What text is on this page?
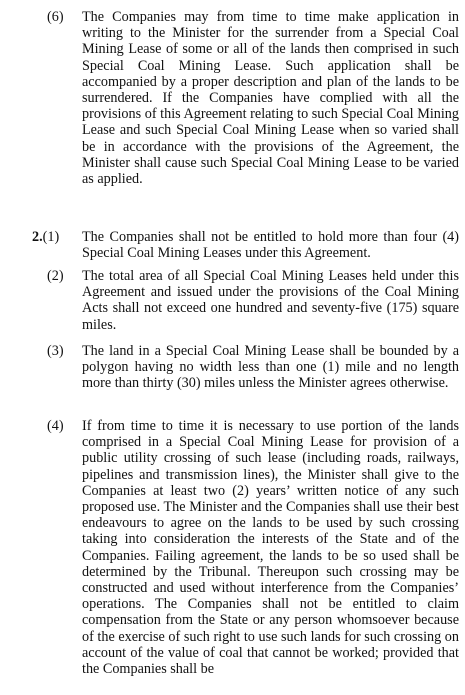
(6) The Companies may from time to time make application in writing to the Minister for the surrender from a Special Coal Mining Lease of some or all of the lands then comprised in such Special Coal Mining Lease. Such application shall be accompanied by a proper description and plan of the lands to be surrendered. If the Companies have complied with all the provisions of this Agreement relating to such Special Coal Mining Lease and such Special Coal Mining Lease when so varied shall be in accordance with the provisions of the Agreement, the Minister shall cause such Special Coal Mining Lease to be varied as applied.
2.(1) The Companies shall not be entitled to hold more than four (4) Special Coal Mining Leases under this Agreement.
(2) The total area of all Special Coal Mining Leases held under this Agreement and issued under the provisions of the Coal Mining Acts shall not exceed one hundred and seventy-five (175) square miles.
(3) The land in a Special Coal Mining Lease shall be bounded by a polygon having no width less than one (1) mile and no length more than thirty (30) miles unless the Minister agrees otherwise.
(4) If from time to time it is necessary to use portion of the lands comprised in a Special Coal Mining Lease for provision of a public utility crossing of such lease (including roads, railways, pipelines and transmission lines), the Minister shall give to the Companies at least two (2) years’ written notice of any such proposed use. The Minister and the Companies shall use their best endeavours to agree on the lands to be used by such crossing taking into consideration the interests of the State and of the Companies. Failing agreement, the lands to be so used shall be determined by the Tribunal. Thereupon such crossing may be constructed and used without interference from the Companies’ operations. The Companies shall not be entitled to claim compensation from the State or any person whomsoever because of the exercise of such right to use such lands for such crossing on account of the value of coal that cannot be worked; provided that the Companies shall be
